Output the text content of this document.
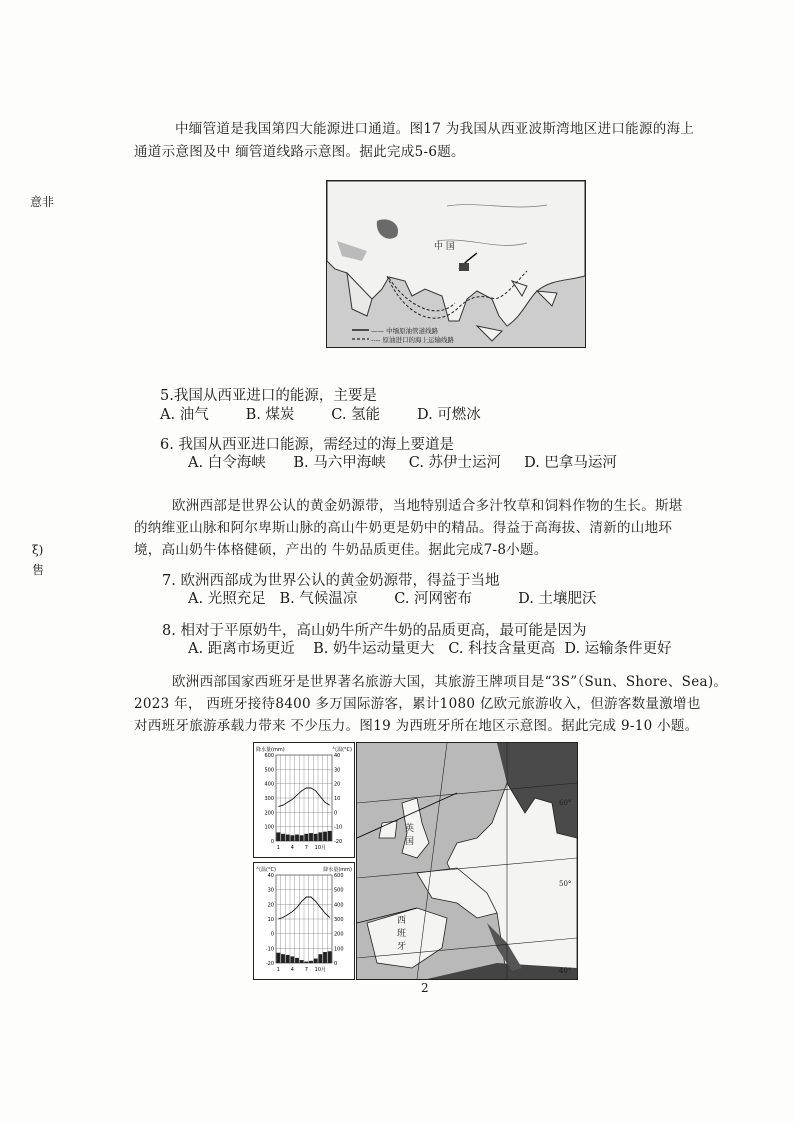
意非
ξ)
售
中缅管道是我国第四大能源进口通道。图17 为我国从西亚波斯湾地区进口能源的海上
通道示意图及中 缅管道线路示意图。据此完成5-6题。
中 国
—— 中缅原油管道线路
---- 原油进口的海上运输线路
5.我国从西亚进口的能源，主要是
A. 油气        B. 煤炭        C. 氢能        D. 可燃冰
6. 我国从西亚进口能源，需经过的海上要道是
A. 白令海峡      B. 马六甲海峡     C. 苏伊士运河     D. 巴拿马运河
欧洲西部是世界公认的黄金奶源带，当地特别适合多汁牧草和饲料作物的生长。斯堪
的纳维亚山脉和阿尔卑斯山脉的高山牛奶更是奶中的精品。得益于高海拔、清新的山地环
境，高山奶牛体格健硕，产出的 牛奶品质更佳。据此完成7-8小题。
7. 欧洲西部成为世界公认的黄金奶源带，得益于当地
A. 光照充足   B. 气候温凉        C. 河网密布          D. 土壤肥沃
8. 相对于平原奶牛，高山奶牛所产牛奶的品质更高，最可能是因为
A. 距离市场更近    B. 奶牛运动量更大   C. 科技含量更高  D. 运输条件更好
欧洲西部国家西班牙是世界著名旅游大国，其旅游王牌项目是“3S”（Sun、Shore、Sea)。
2023 年， 西班牙接待8400 多万国际游客，累计1080 亿欧元旅游收入，但游客数量激增也
对西班牙旅游承载力带来 不少压力。图19 为西班牙所在地区示意图。据此完成 9-10 小题。
600
500
400
300
200
100
0
40
30
20
10
0
-10
-20
1 4 7 10月
降水量(mm)	气温(°C)
40
30
20
10
0
-10
-20
600
500
400
300
200
100
0
1 4 7 10月
气温(°C)	降水量(mm)
英
国
西
班
牙
60°
50°
40°
2
